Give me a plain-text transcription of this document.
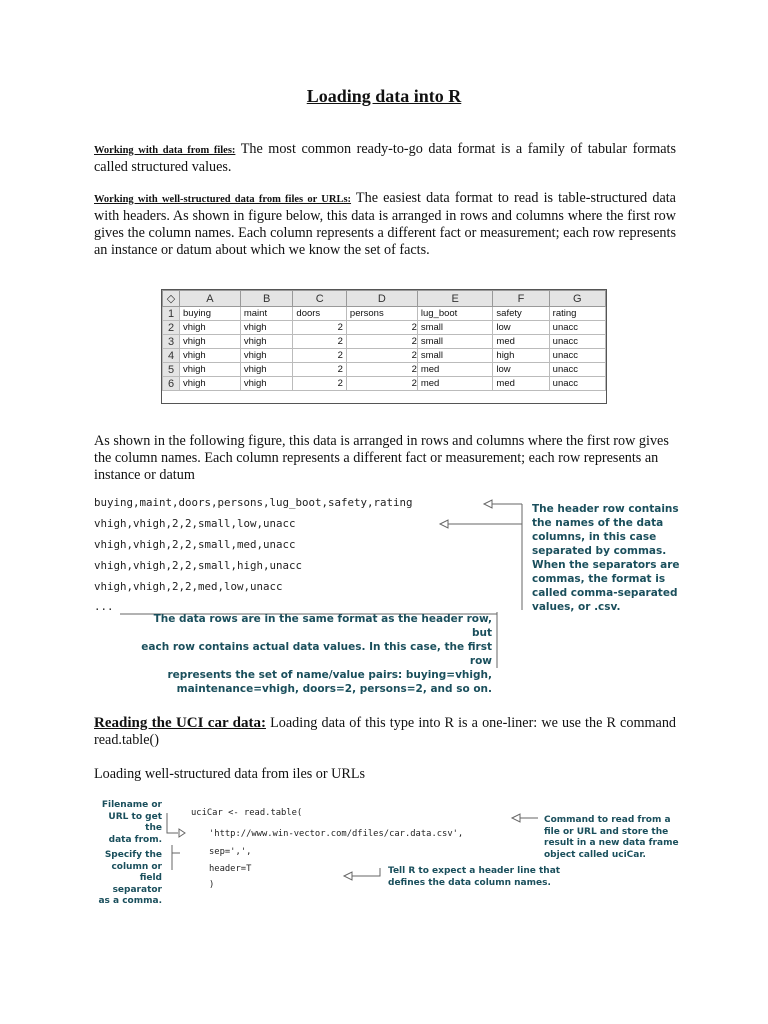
Loading data into R
Working with data from files: The most common ready-to-go data format is a family of tabular formats called structured values.
Working with well-structured data from files or URLs: The easiest data format to read is table-structured data with headers. As shown in figure below, this data is arranged in rows and columns where the first row gives the column names. Each column represents a different fact or measurement; each row represents an instance or datum about which we know the set of facts.
◇	A	B	C	D	E	F	G
1	buying	maint	doors	persons	lug_boot	safety	rating
2	vhigh	vhigh	2	2	small	low	unacc
3	vhigh	vhigh	2	2	small	med	unacc
4	vhigh	vhigh	2	2	small	high	unacc
5	vhigh	vhigh	2	2	med	low	unacc
6	vhigh	vhigh	2	2	med	med	unacc
As shown in the following figure, this data is arranged in rows and columns where the first row gives the column names. Each column represents a different fact or measurement; each row represents an instance or datum
buying,maint,doors,persons,lug_boot,safety,rating
vhigh,vhigh,2,2,small,low,unacc
vhigh,vhigh,2,2,small,med,unacc
vhigh,vhigh,2,2,small,high,unacc
vhigh,vhigh,2,2,med,low,unacc
...
The header row contains
the names of the data
columns, in this case
separated by commas.
When the separators are
commas, the format is
called comma-separated
values, or .csv.
The data rows are in the same format as the header row, but
each row contains actual data values. In this case, the first row
represents the set of name/value pairs: buying=vhigh,
maintenance=vhigh, doors=2, persons=2, and so on.
Reading the UCI car data: Loading data of this type into R is a one-liner: we use the R command read.table()
Loading well-structured data from iles or URLs
Filename or
URL to get the
data from.
Specify the
column or
field
separator
as a comma.
uciCar <- read.table(
'http://www.win-vector.com/dfiles/car.data.csv',
sep=',',
header=T
)
Command to read from a
file or URL and store the
result in a new data frame
object called uciCar.
Tell R to expect a header line that
defines the data column names.
